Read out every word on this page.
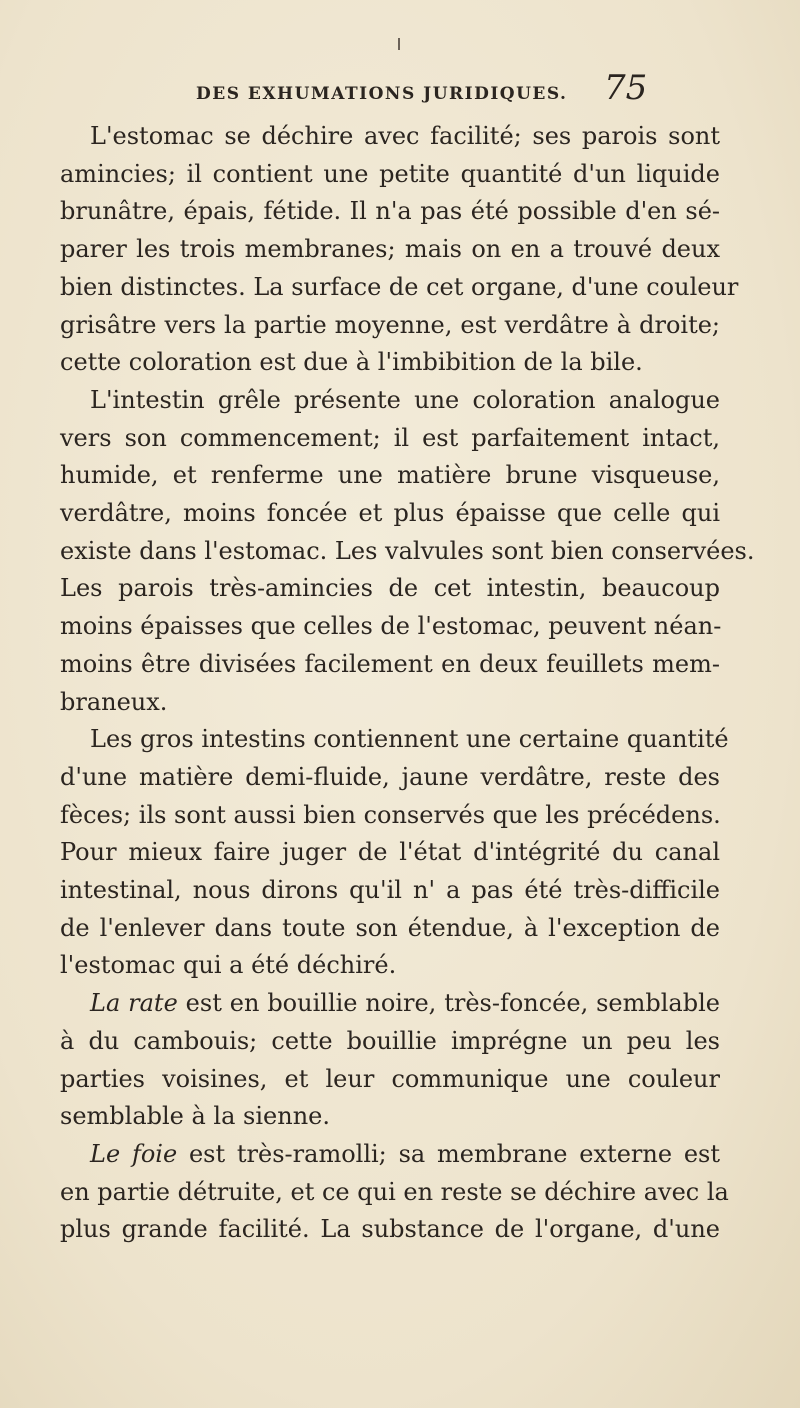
DES EXHUMATIONS JURIDIQUES.	75
L'estomac se déchire avec facilité; ses parois sont
amincies; il contient une petite quantité d'un liquide
brunâtre, épais, fétide. Il n'a pas été possible d'en sé-
parer les trois membranes; mais on en a trouvé deux
bien distinctes. La surface de cet organe, d'une couleur
grisâtre vers la partie moyenne, est verdâtre à droite;
cette coloration est due à l'imbibition de la bile.
L'intestin grêle présente une coloration analogue
vers son commencement; il est parfaitement intact,
humide, et renferme une matière brune visqueuse,
verdâtre, moins foncée et plus épaisse que celle qui
existe dans l'estomac. Les valvules sont bien conservées.
Les parois très-amincies de cet intestin, beaucoup
moins épaisses que celles de l'estomac, peuvent néan-
moins être divisées facilement en deux feuillets mem-
braneux.
Les gros intestins contiennent une certaine quantité
d'une matière demi-fluide, jaune verdâtre, reste des
fèces; ils sont aussi bien conservés que les précédens.
Pour mieux faire juger de l'état d'intégrité du canal
intestinal, nous dirons qu'il n' a pas été très-difficile
de l'enlever dans toute son étendue, à l'exception de
l'estomac qui a été déchiré.
La rate est en bouillie noire, très-foncée, semblable
à du cambouis; cette bouillie imprégne un peu les
parties voisines, et leur communique une couleur
semblable à la sienne.
Le foie est très-ramolli; sa membrane externe est
en partie détruite, et ce qui en reste se déchire avec la
plus grande facilité. La substance de l'organe, d'une
